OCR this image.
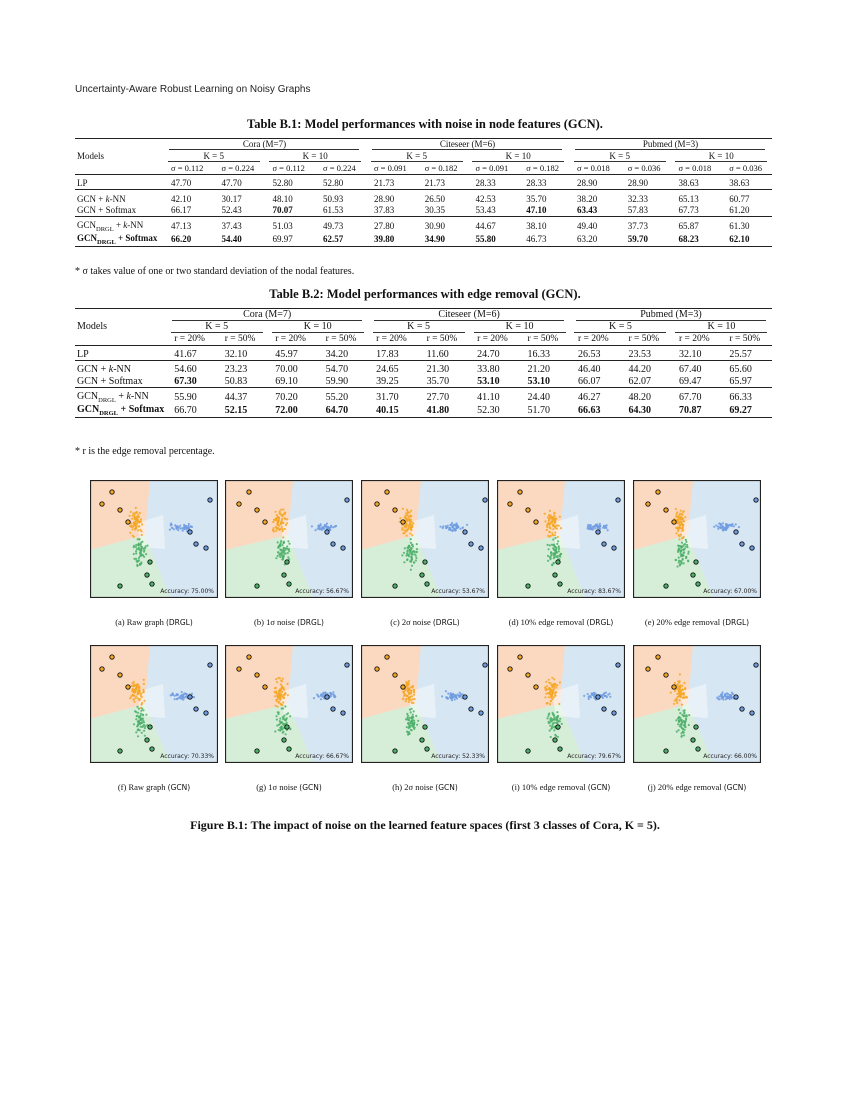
Uncertainty-Aware Robust Learning on Noisy Graphs
Table B.1: Model performances with noise in node features (GCN).
Models	Cora (M=7)				Citeseer (M=6)				Pubmed (M=3)			
	K = 5		K = 10		K = 5		K = 10		K = 5		K = 10	
	σ = 0.112	σ = 0.224	σ = 0.112	σ = 0.224	σ = 0.091	σ = 0.182	σ = 0.091	σ = 0.182	σ = 0.018	σ = 0.036	σ = 0.018	σ = 0.036
LP	47.70	47.70	52.80	52.80	21.73	21.73	28.33	28.33	28.90	28.90	38.63	38.63
GCN + k-NN	42.10	30.17	48.10	50.93	28.90	26.50	42.53	35.70	38.20	32.33	65.13	60.77
GCN + Softmax	66.17	52.43	70.07	61.53	37.83	30.35	53.43	47.10	63.43	57.83	67.73	61.20
$GCN_{DRGL} + k-NN$	47.13	37.43	51.03	49.73	27.80	30.90	44.67	38.10	49.40	37.73	65.87	61.30
$GCN_{DRGL}$ + Softmax	66.20	54.40	69.97	62.57	39.80	34.90	55.80	46.73	63.20	59.70	68.23	62.10
* σ takes value of one or two standard deviation of the nodal features.
Table B.2: Model performances with edge removal (GCN).
Models	Cora (M=7)				Citeseer (M=6)				Pubmed (M=3)			
	K = 5		K = 10		K = 5		K = 10		K = 5		K = 10	
	r = 20%	r = 50%	r = 20%	r = 50%	r = 20%	r = 50%	r = 20%	r = 50%	r = 20%	r = 50%	r = 20%	r = 50%
LP	41.67	32.10	45.97	34.20	17.83	11.60	24.70	16.33	26.53	23.53	32.10	25.57
GCN + k-NN	54.60	23.23	70.00	54.70	24.65	21.30	33.80	21.20	46.40	44.20	67.40	65.60
GCN + Softmax	67.30	50.83	69.10	59.90	39.25	35.70	53.10	53.10	66.07	62.07	69.47	65.97
$GCN_{DRGL} + k-NN$	55.90	44.37	70.20	55.20	31.70	27.70	41.10	24.40	46.27	48.20	67.70	66.33
$GCN_{DRGL}$ + Softmax	66.70	52.15	72.00	64.70	40.15	41.80	52.30	51.70	66.63	64.30	70.87	69.27
* r is the edge removal percentage.
Accuracy: 75.00%
(a) Raw graph (DRGL)
Accuracy: 56.67%
(b) 1σ noise (DRGL)
Accuracy: 53.67%
(c) 2σ noise (DRGL)
Accuracy: 83.67%
(d) 10% edge removal (DRGL)
Accuracy: 67.00%
(e) 20% edge removal (DRGL)
Accuracy: 70.33%
(f) Raw graph (GCN)
Accuracy: 66.67%
(g) 1σ noise (GCN)
Accuracy: 52.33%
(h) 2σ noise (GCN)
Accuracy: 79.67%
(i) 10% edge removal (GCN)
Accuracy: 66.00%
(j) 20% edge removal (GCN)
Figure B.1: The impact of noise on the learned feature spaces (first 3 classes of Cora, K = 5).
